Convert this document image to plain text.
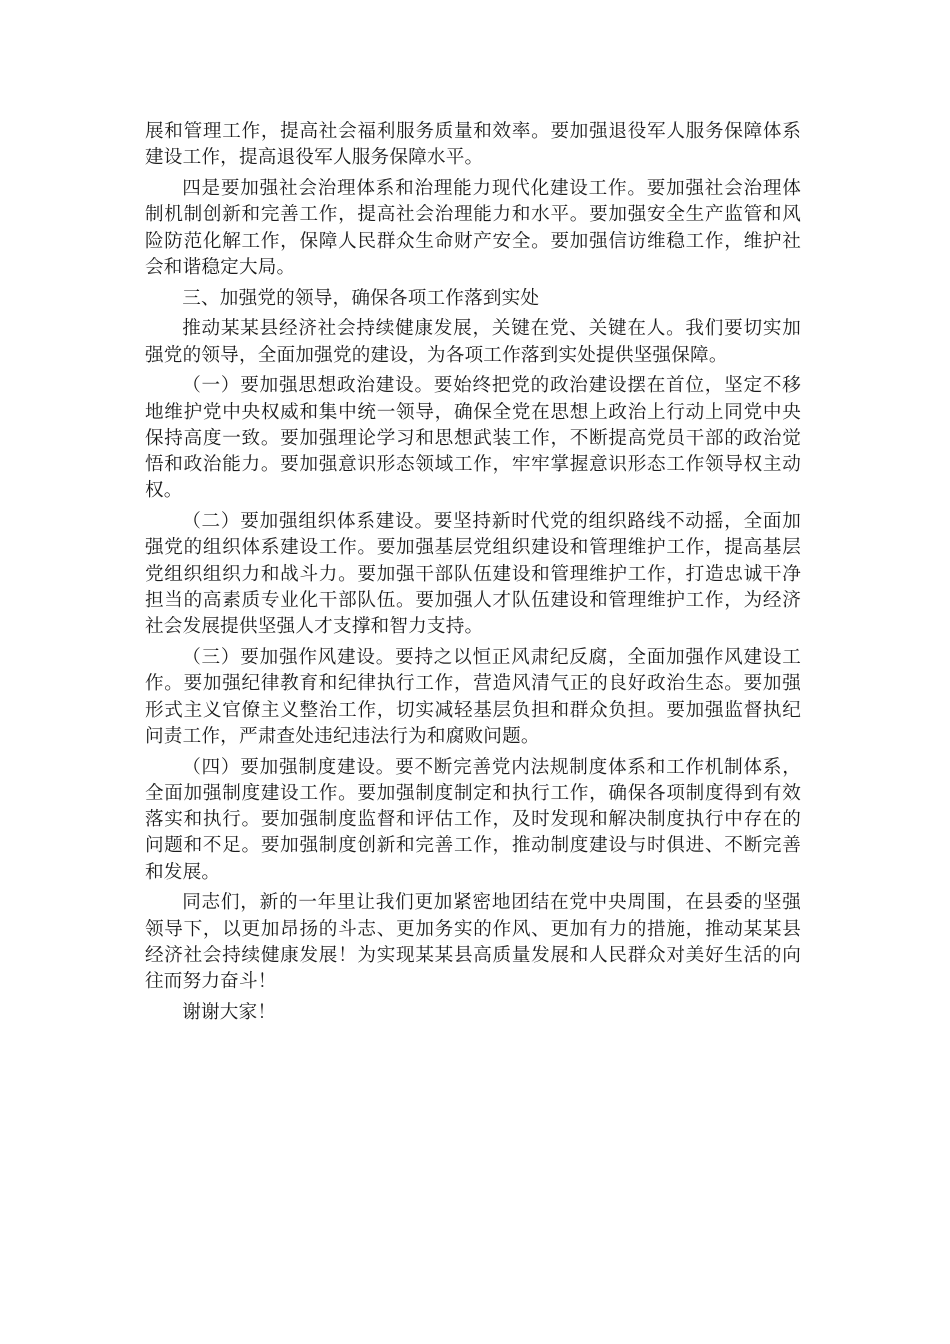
展和管理工作，提高社会福利服务质量和效率。要加强退役军人服务保障体系建设工作，提高退役军人服务保障水平。

四是要加强社会治理体系和治理能力现代化建设工作。要加强社会治理体制机制创新和完善工作，提高社会治理能力和水平。要加强安全生产监管和风险防范化解工作，保障人民群众生命财产安全。要加强信访维稳工作，维护社会和谐稳定大局。

三、加强党的领导，确保各项工作落到实处

推动某某县经济社会持续健康发展，关键在党、关键在人。我们要切实加强党的领导，全面加强党的建设，为各项工作落到实处提供坚强保障。

（一）要加强思想政治建设。要始终把党的政治建设摆在首位，坚定不移地维护党中央权威和集中统一领导，确保全党在思想上政治上行动上同党中央保持高度一致。要加强理论学习和思想武装工作，不断提高党员干部的政治觉悟和政治能力。要加强意识形态领域工作，牢牢掌握意识形态工作领导权主动权。

（二）要加强组织体系建设。要坚持新时代党的组织路线不动摇，全面加强党的组织体系建设工作。要加强基层党组织建设和管理维护工作，提高基层党组织组织力和战斗力。要加强干部队伍建设和管理维护工作，打造忠诚干净担当的高素质专业化干部队伍。要加强人才队伍建设和管理维护工作，为经济社会发展提供坚强人才支撑和智力支持。

（三）要加强作风建设。要持之以恒正风肃纪反腐，全面加强作风建设工作。要加强纪律教育和纪律执行工作，营造风清气正的良好政治生态。要加强形式主义官僚主义整治工作，切实减轻基层负担和群众负担。要加强监督执纪问责工作，严肃查处违纪违法行为和腐败问题。

（四）要加强制度建设。要不断完善党内法规制度体系和工作机制体系，全面加强制度建设工作。要加强制度制定和执行工作，确保各项制度得到有效落实和执行。要加强制度监督和评估工作，及时发现和解决制度执行中存在的问题和不足。要加强制度创新和完善工作，推动制度建设与时俱进、不断完善和发展。

同志们，新的一年里让我们更加紧密地团结在党中央周围，在县委的坚强领导下，以更加昂扬的斗志、更加务实的作风、更加有力的措施，推动某某县经济社会持续健康发展！为实现某某县高质量发展和人民群众对美好生活的向往而努力奋斗！

谢谢大家！
